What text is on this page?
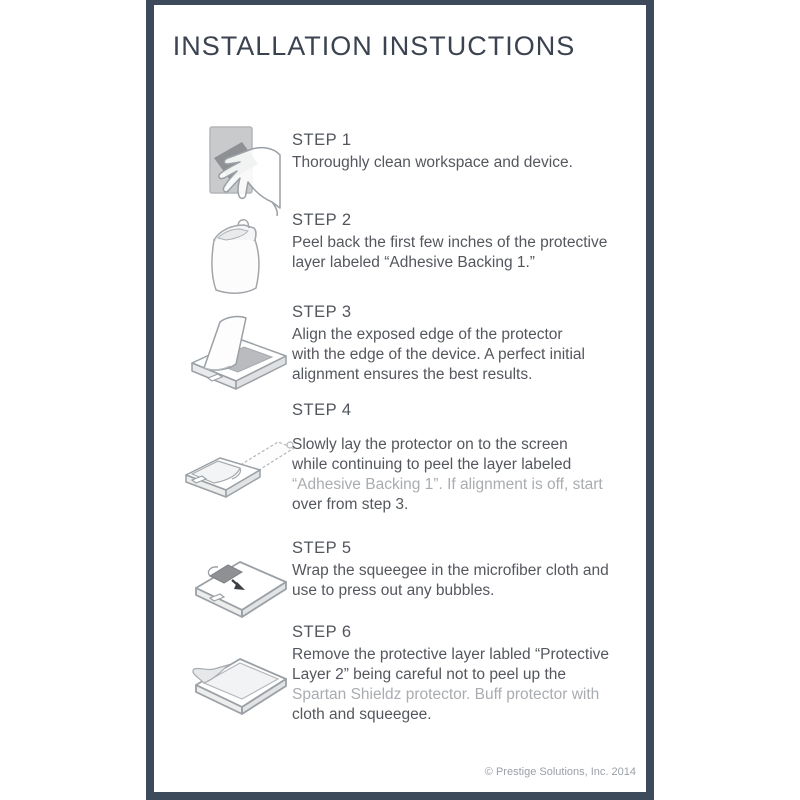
INSTALLATION INSTUCTIONS

STEP 1

Thoroughly clean workspace and device.

STEP 2

Peel back the first few inches of the protective

layer labeled “Adhesive Backing 1.”

STEP 3

Align the exposed edge of the protector

with the edge of the device. A perfect initial

alignment ensures the best results.

STEP 4

Slowly lay the protector on to the screen

while continuing to peel the layer labeled

“Adhesive Backing 1”. If alignment is off, start

over from step 3.

STEP 5

Wrap the squeegee in the microfiber cloth and

use to press out any bubbles.

STEP 6

Remove the protective layer labled “Protective

Layer 2” being careful not to peel up the

Spartan Shieldz protector. Buff protector with

cloth and squeegee.

© Prestige Solutions, Inc. 2014
